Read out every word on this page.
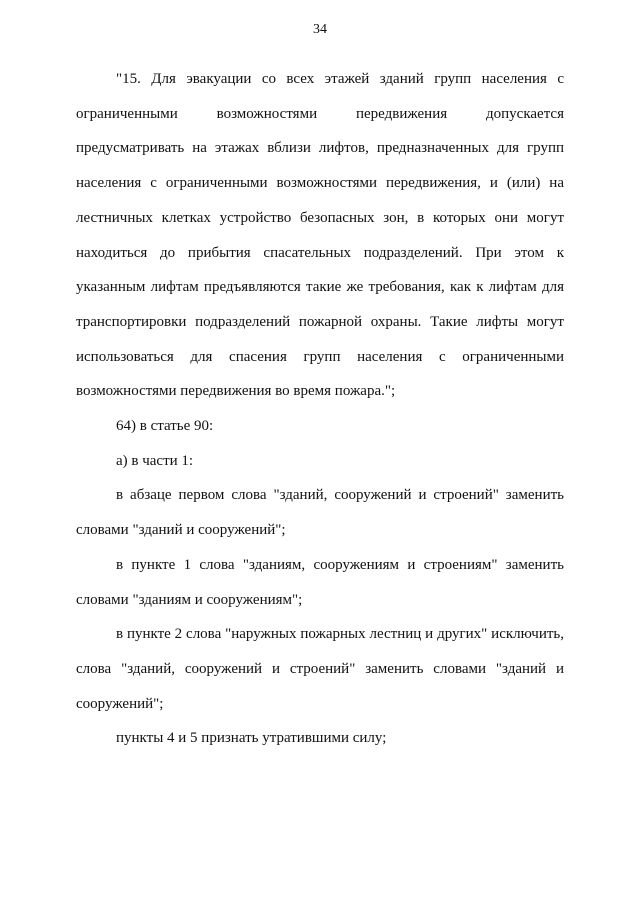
34

"15. Для эвакуации со всех этажей зданий групп населения с ограниченными возможностями передвижения допускается предусматривать на этажах вблизи лифтов, предназначенных для групп населения с ограниченными возможностями передвижения, и (или) на лестничных клетках устройство безопасных зон, в которых они могут находиться до прибытия спасательных подразделений. При этом к указанным лифтам предъявляются такие же требования, как к лифтам для транспортировки подразделений пожарной охраны. Такие лифты могут использоваться для спасения групп населения с ограниченными возможностями передвижения во время пожара.";

64) в статье 90:

а) в части 1:

в абзаце первом слова "зданий, сооружений и строений" заменить словами "зданий и сооружений";

в пункте 1 слова "зданиям, сооружениям и строениям" заменить словами "зданиям и сооружениям";

в пункте 2 слова "наружных пожарных лестниц и других" исключить, слова "зданий, сооружений и строений" заменить словами "зданий и сооружений";

пункты 4 и 5 признать утратившими силу;
